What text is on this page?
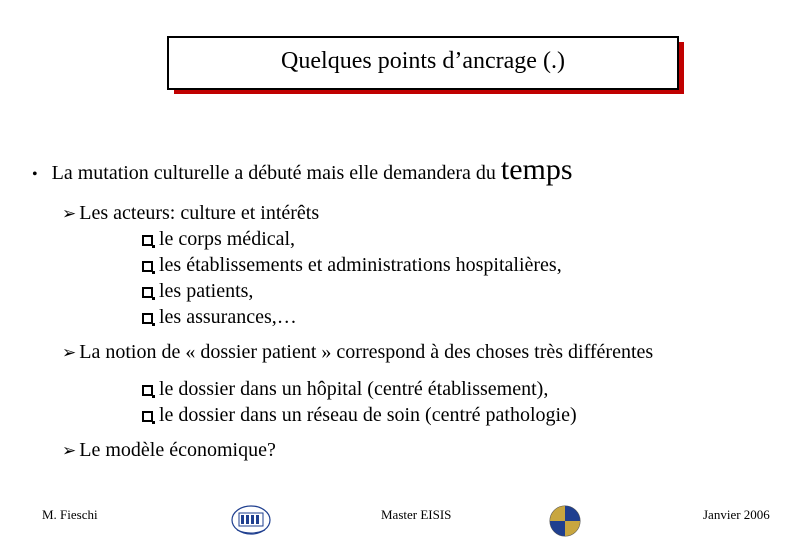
Quelques points d’ancrage (.)
• La mutation culturelle a débuté mais elle demandera du temps
➢ Les acteurs: culture et intérêts
le corps médical,
les établissements et administrations hospitalières,
les patients,
les assurances,…
➢ La notion de « dossier patient » correspond à des choses très différentes
le dossier dans un hôpital (centré établissement),
le dossier dans un réseau de soin (centré pathologie)
➢ Le modèle économique?
M. Fieschi	Master EISIS	Janvier 2006
